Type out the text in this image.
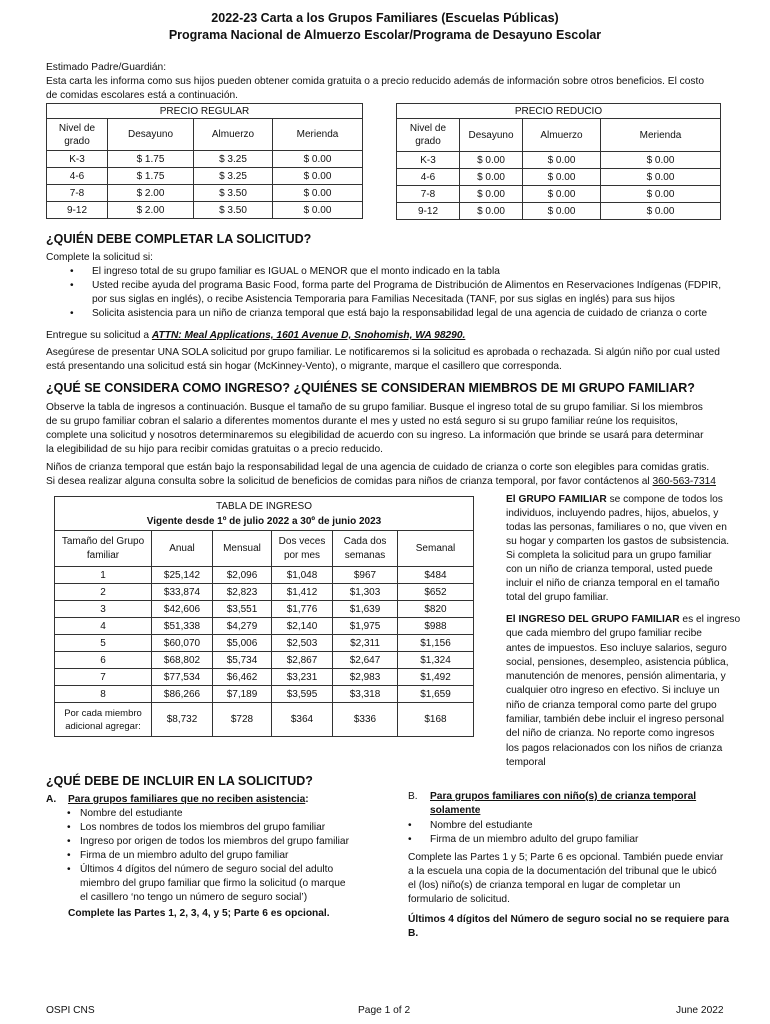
2022-23 Carta a los Grupos Familiares (Escuelas Públicas)
Programa Nacional de Almuerzo Escolar/Programa de Desayuno Escolar

Estimado Padre/Guardián:

Esta carta les informa como sus hijos pueden obtener comida gratuita o a precio reducido además de información sobre otros beneficios. El costo

de comidas escolares está a continuación.

PRECIO REGULAR			
Nivel de grado	Desayuno	Almuerzo	Merienda
K-3	$ 1.75	$ 3.25	$ 0.00
4-6	$ 1.75	$ 3.25	$ 0.00
7-8	$ 2.00	$ 3.50	$ 0.00
9-12	$ 2.00	$ 3.50	$ 0.00
PRECIO REDUCIO			
Nivel de grado	Desayuno	Almuerzo	Merienda
K-3	$ 0.00	$ 0.00	$ 0.00
4-6	$ 0.00	$ 0.00	$ 0.00
7-8	$ 0.00	$ 0.00	$ 0.00
9-12	$ 0.00	$ 0.00	$ 0.00

¿QUIÉN DEBE COMPLETAR LA SOLICITUD?

Complete la solicitud si:

• El ingreso total de su grupo familiar es IGUAL o MENOR que el monto indicado en la tabla
• Usted recibe ayuda del programa Basic Food, forma parte del Programa de Distribución de Alimentos en Reservaciones Indígenas (FDPIR,
por sus siglas en inglés), o recibe Asistencia Temporaria para Familias Necesitada (TANF, por sus siglas en inglés) para sus hijos
• Solicita asistencia para un niño de crianza temporal que está bajo la responsabilidad legal de una agencia de cuidado de crianza o corte

Entregue su solicitud a ATTN: Meal Applications, 1601 Avenue D, Snohomish, WA 98290.

Asegúrese de presentar UNA SOLA solicitud por grupo familiar. Le notificaremos si la solicitud es aprobada o rechazada. Si algún niño por cual usted

está presentando una solicitud está sin hogar (McKinney-Vento), o migrante, marque el casillero que corresponda.

¿QUÉ SE CONSIDERA COMO INGRESO? ¿QUIÉNES SE CONSIDERAN MIEMBROS DE MI GRUPO FAMILIAR?

Observe la tabla de ingresos a continuación. Busque el tamaño de su grupo familiar. Busque el ingreso total de su grupo familiar. Si los miembros

de su grupo familiar cobran el salario a diferentes momentos durante el mes y usted no está seguro si su grupo familiar reúne los requisitos,

complete una solicitud y nosotros determinaremos su elegibilidad de acuerdo con su ingreso. La información que brinde se usará para determinar

la elegibilidad de su hijo para recibir comidas gratuitas o a precio reducido.

Niños de crianza temporal que están bajo la responsabilidad legal de una agencia de cuidado de crianza o corte son elegibles para comidas gratis.

Si desea realizar alguna consulta sobre la solicitud de beneficios de comidas para niños de crianza temporal, por favor contáctenos al 360-563-7314

TABLA DE INGRESO
Vigente desde 1º de julio 2022 a 30º de junio 2023					

Tamaño del Grupo familiar	Anual	Mensual	Dos veces por mes	Cada dos semanas	Semanal
1	$25,142	$2,096	$1,048	$967	$484
2	$33,874	$2,823	$1,412	$1,303	$652
3	$42,606	$3,551	$1,776	$1,639	$820
4	$51,338	$4,279	$2,140	$1,975	$988
5	$60,070	$5,006	$2,503	$2,311	$1,156
6	$68,802	$5,734	$2,867	$2,647	$1,324
7	$77,534	$6,462	$3,231	$2,983	$1,492
8	$86,266	$7,189	$3,595	$3,318	$1,659
Por cada miembro adicional agregar:	$8,732	$728	$364	$336	$168
El GRUPO FAMILIAR se compone de todos los
individuos, incluyendo padres, hijos, abuelos, y
todas las personas, familiares o no, que viven en
su hogar y comparten los gastos de subsistencia.
Si completa la solicitud para un grupo familiar
con un niño de crianza temporal, usted puede
incluir el niño de crianza temporal en el tamaño
total del grupo familiar.
El INGRESO DEL GRUPO FAMILIAR es el ingreso
que cada miembro del grupo familiar recibe
antes de impuestos. Eso incluye salarios, seguro
social, pensiones, desempleo, asistencia pública,
manutención de menores, pensión alimentaria, y
cualquier otro ingreso en efectivo. Si incluye un
niño de crianza temporal como parte del grupo
familiar, también debe incluir el ingreso personal
del niño de crianza. No reporte como ingresos
los pagos relacionados con los niños de crianza
temporal

¿QUÉ DEBE DE INCLUIR EN LA SOLICITUD?

A. Para grupos familiares que no reciben asistencia:
• Nombre del estudiante
• Los nombres de todos los miembros del grupo familiar
• Ingreso por origen de todos los miembros del grupo familiar
• Firma de un miembro adulto del grupo familiar
• Últimos 4 dígitos del número de seguro social del adulto
miembro del grupo familiar que firmo la solicitud (o marque
el casillero ‘no tengo un número de seguro social’)

Complete las Partes 1, 2, 3, 4, y 5; Parte 6 es opcional.

B. Para grupos familiares con niño(s) de crianza temporal
solamente
• Nombre del estudiante
• Firma de un miembro adulto del grupo familiar
Complete las Partes 1 y 5; Parte 6 es opcional. También puede enviar
a la escuela una copia de la documentación del tribunal que le ubicó
el (los) niño(s) de crianza temporal en lugar de completar un
formulario de solicitud.
Últimos 4 dígitos del Número de seguro social no se requiere para
B.

OSPI CNS	Page 1 of 2	June 2022
